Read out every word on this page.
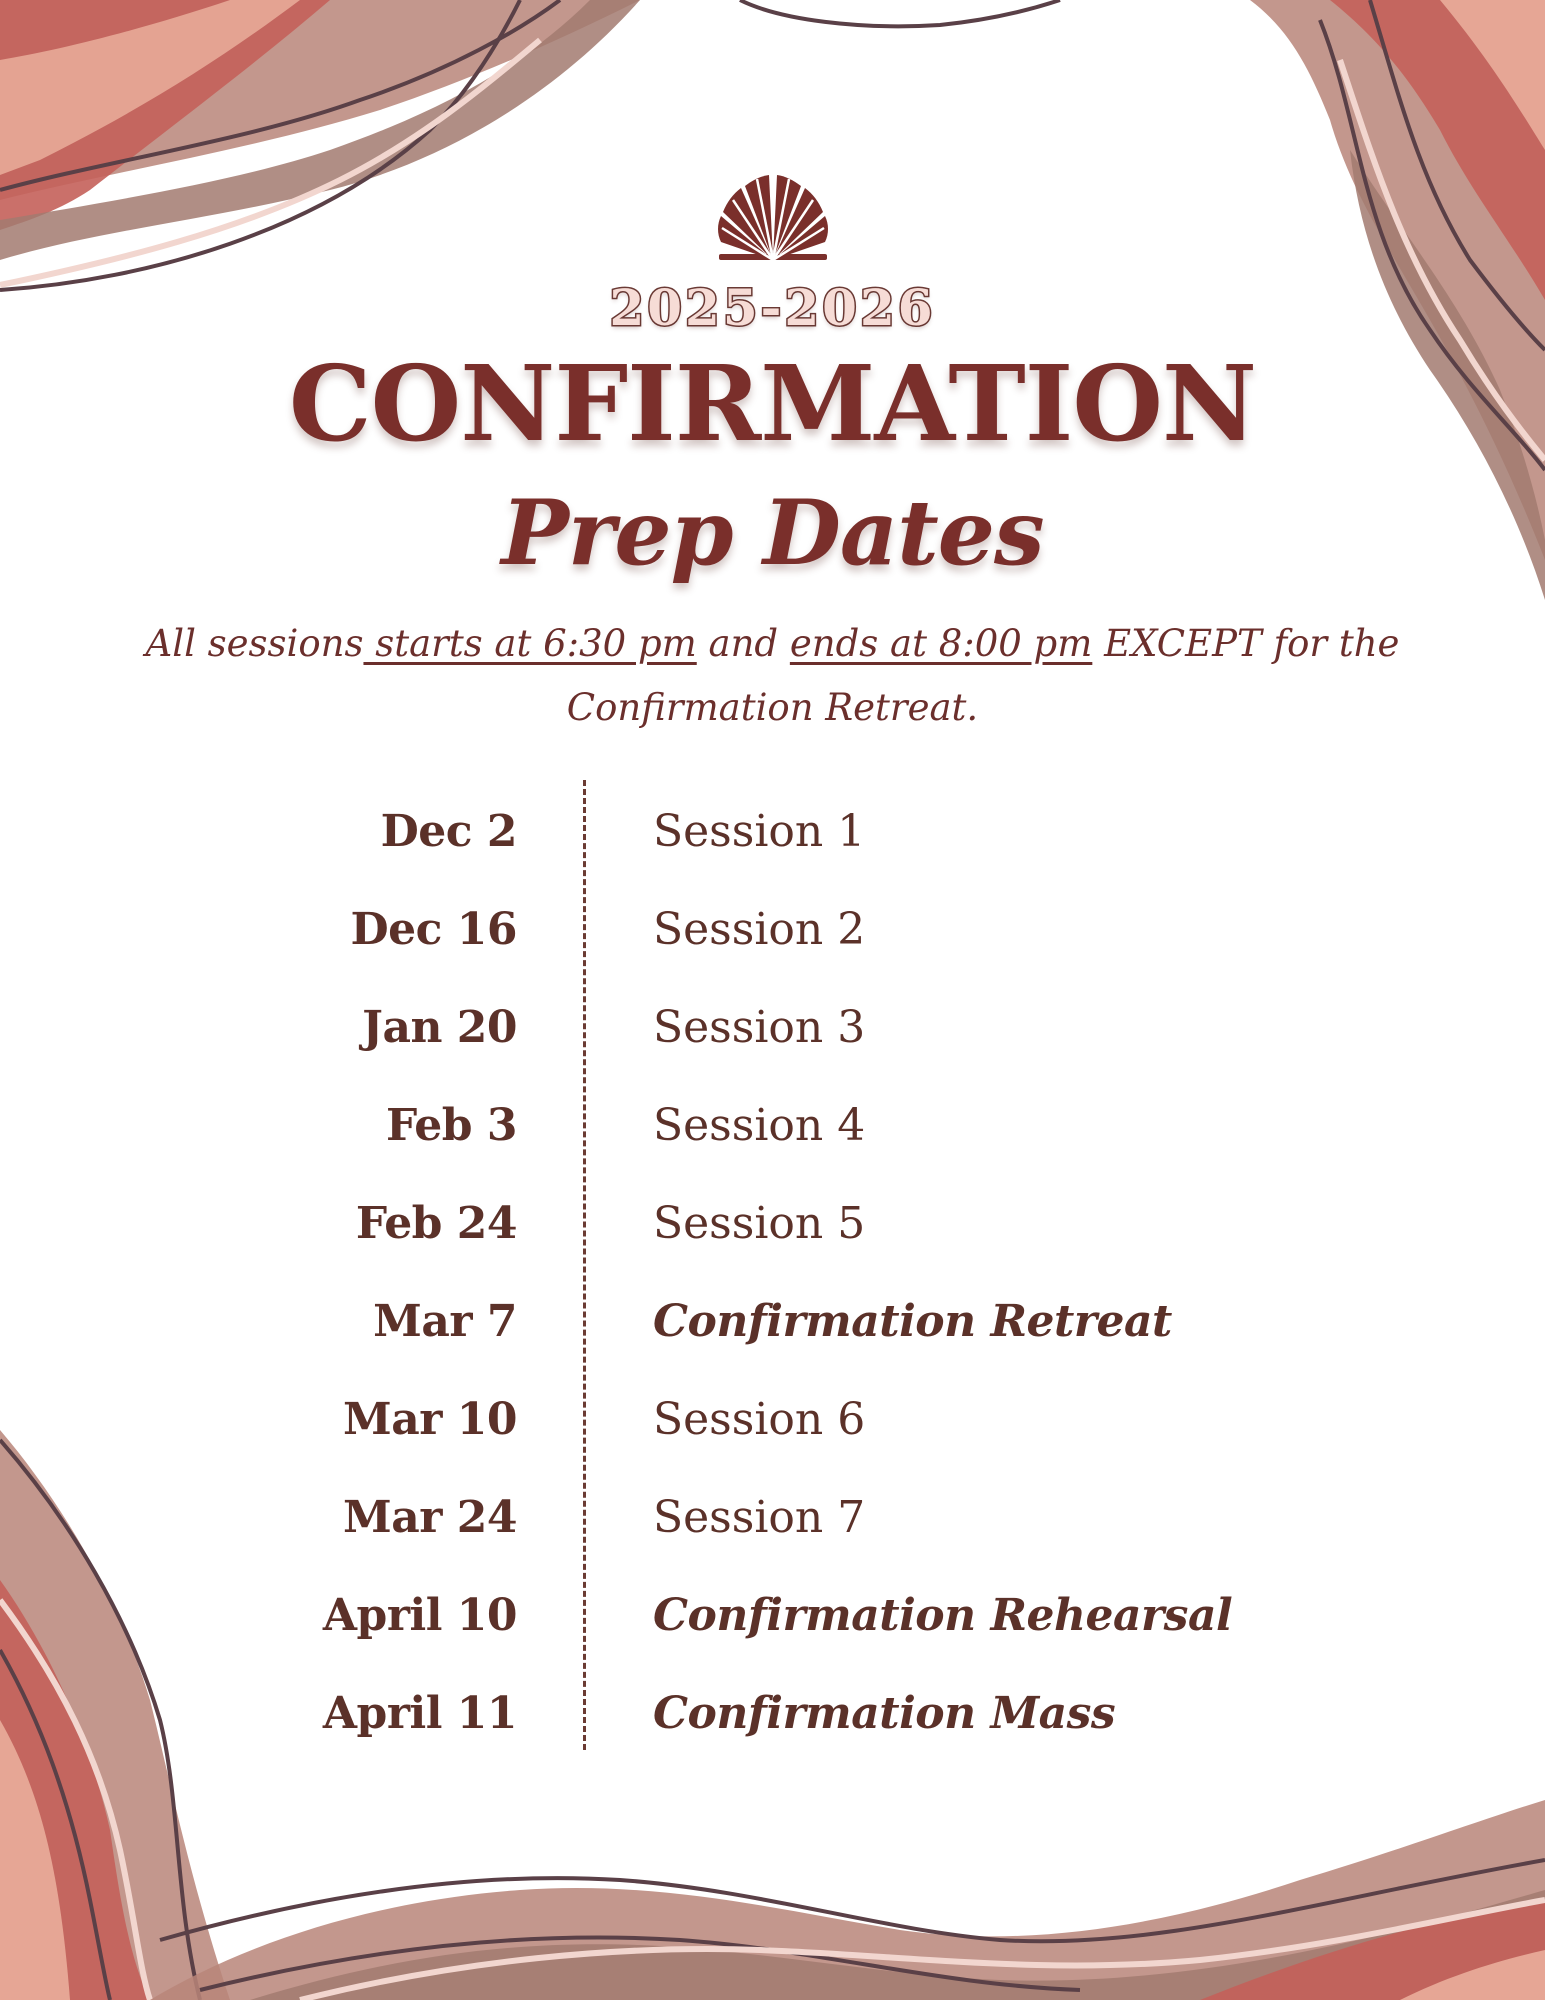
2025-2026
CONFIRMATION
Prep Dates
All sessions starts at 6:30 pm and ends at 8:00 pm EXCEPT for the Confirmation Retreat.
Dec 2	Session 1
Dec 16	Session 2
Jan 20	Session 3
Feb 3	Session 4
Feb 24	Session 5
Mar 7	Confirmation Retreat
Mar 10	Session 6
Mar 24	Session 7
April 10	Confirmation Rehearsal
April 11	Confirmation Mass
